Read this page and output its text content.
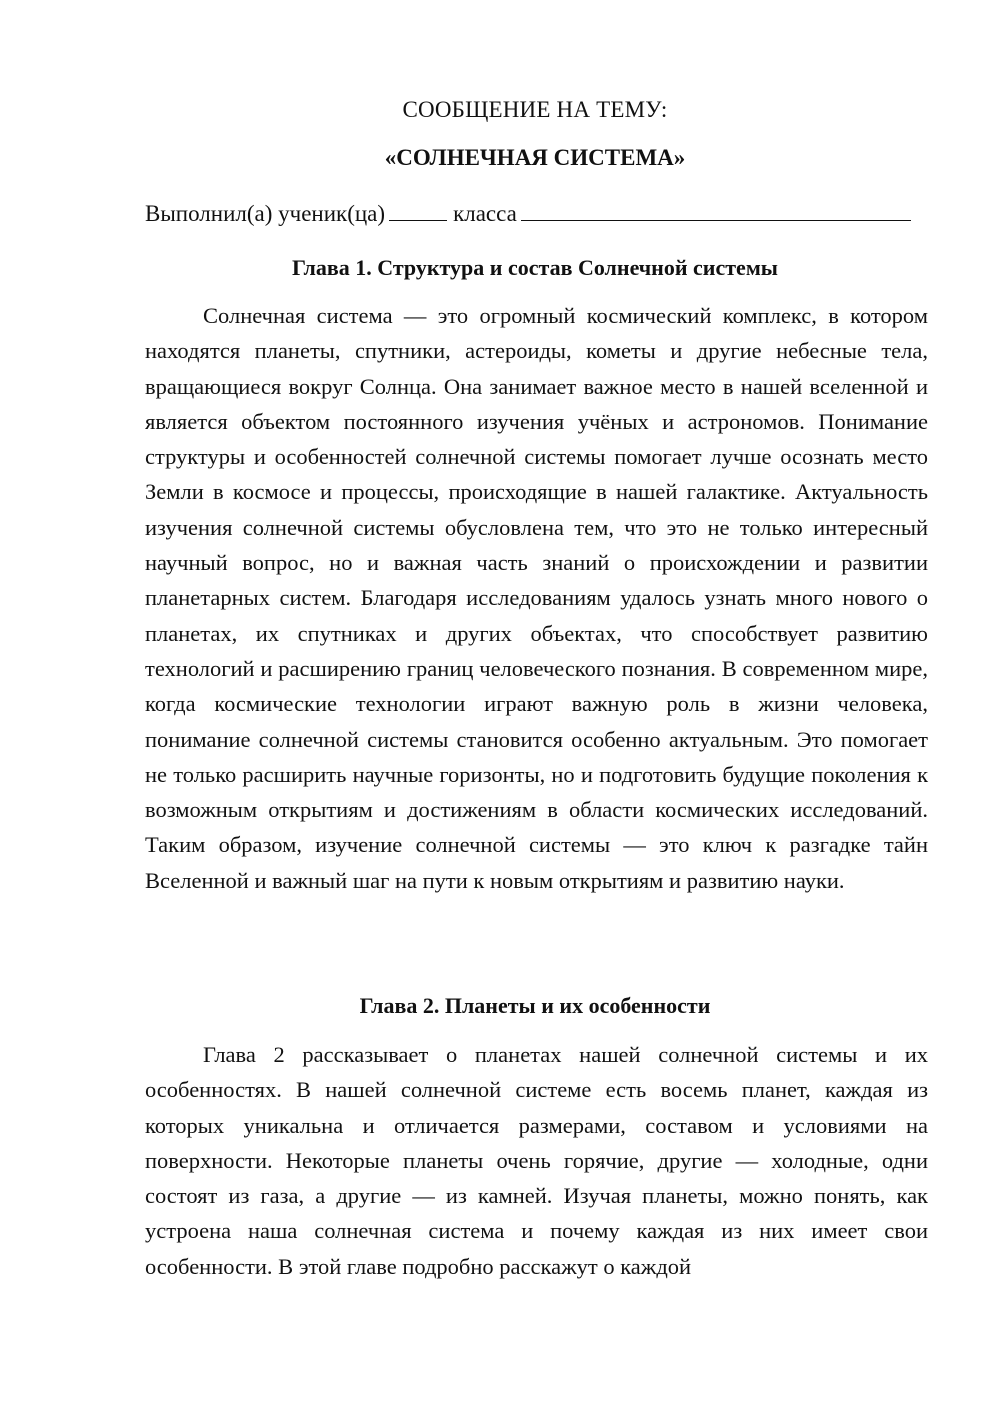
СООБЩЕНИЕ НА ТЕМУ:
«СОЛНЕЧНАЯ СИСТЕМА»
Выполнил(а) ученик(ца)	класса
Глава 1. Структура и состав Солнечной системы

Солнечная система — это огромный космический комплекс, в котором находятся планеты, спутники, астероиды, кометы и другие небесные тела, вращающиеся вокруг Солнца. Она занимает важное место в нашей вселенной и является объектом постоянного изучения учёных и астрономов. Понимание структуры и особенностей солнечной системы помогает лучше осознать место Земли в космосе и процессы, происходящие в нашей галактике. Актуальность изучения солнечной системы обусловлена тем, что это не только интересный научный вопрос, но и важная часть знаний о происхождении и развитии планетарных систем. Благодаря исследованиям удалось узнать много нового о планетах, их спутниках и других объектах, что способствует развитию технологий и расширению границ человеческого познания. В современном мире, когда космические технологии играют важную роль в жизни человека, понимание солнечной системы становится особенно актуальным. Это помогает не только расширить научные горизонты, но и подготовить будущие поколения к возможным открытиям и достижениям в области космических исследований. Таким образом, изучение солнечной системы — это ключ к разгадке тайн Вселенной и важный шаг на пути к новым открытиям и развитию науки.

Глава 2. Планеты и их особенности

Глава 2 рассказывает о планетах нашей солнечной системы и их особенностях. В нашей солнечной системе есть восемь планет, каждая из которых уникальна и отличается размерами, составом и условиями на поверхности. Некоторые планеты очень горячие, другие — холодные, одни состоят из газа, а другие — из камней. Изучая планеты, можно понять, как устроена наша солнечная система и почему каждая из них имеет свои особенности. В этой главе подробно расскажут о каждой
